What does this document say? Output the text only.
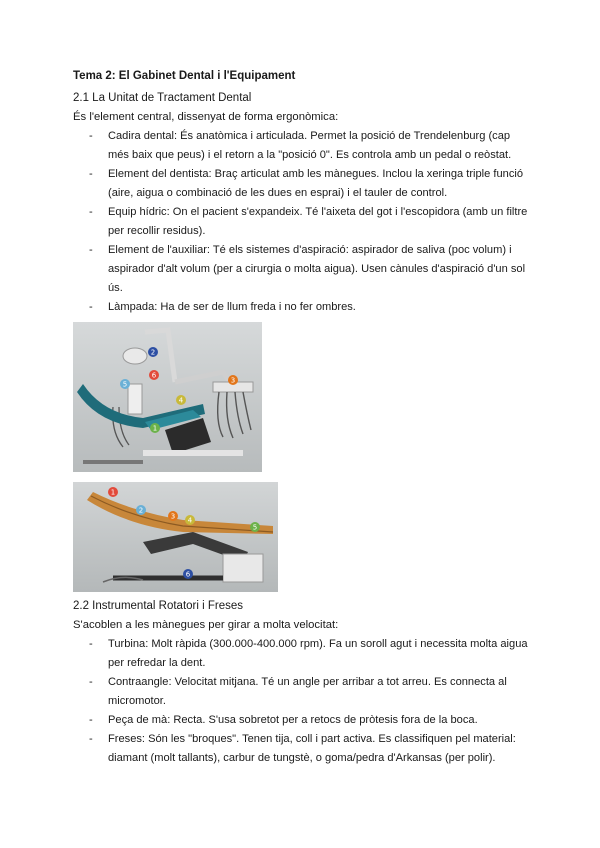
Tema 2: El Gabinet Dental i l'Equipament
2.1 La Unitat de Tractament Dental
És l'element central, dissenyat de forma ergonòmica:
- Cadira dental: És anatòmica i articulada. Permet la posició de Trendelenburg (cap més baix que peus) i el retorn a la "posició 0". Es controla amb un pedal o reòstat.
- Element del dentista: Braç articulat amb les mànegues. Inclou la xeringa triple funció (aire, aigua o combinació de les dues en esprai) i el tauler de control.
- Equip hídric: On el pacient s'expandeix. Té l'aixeta del got i l'escopidora (amb un filtre per recollir residus).
- Element de l'auxiliar: Té els sistemes d'aspiració: aspirador de saliva (poc volum) i aspirador d'alt volum (per a cirurgia o molta aigua). Usen cànules d'aspiració d'un sol ús.
- Làmpada: Ha de ser de llum freda i no fer ombres.
2
5
6
3
4
1
1
2
3 4
5
6
2.2 Instrumental Rotatori i Freses
S'acoblen a les mànegues per girar a molta velocitat:
- Turbina: Molt ràpida (300.000-400.000 rpm). Fa un soroll agut i necessita molta aigua per refredar la dent.
- Contraangle: Velocitat mitjana. Té un angle per arribar a tot arreu. Es connecta al micromotor.
- Peça de mà: Recta. S'usa sobretot per a retocs de pròtesis fora de la boca.
- Freses: Són les "broques". Tenen tija, coll i part activa. Es classifiquen pel material: diamant (molt tallants), carbur de tungstè, o goma/pedra d'Arkansas (per polir).
